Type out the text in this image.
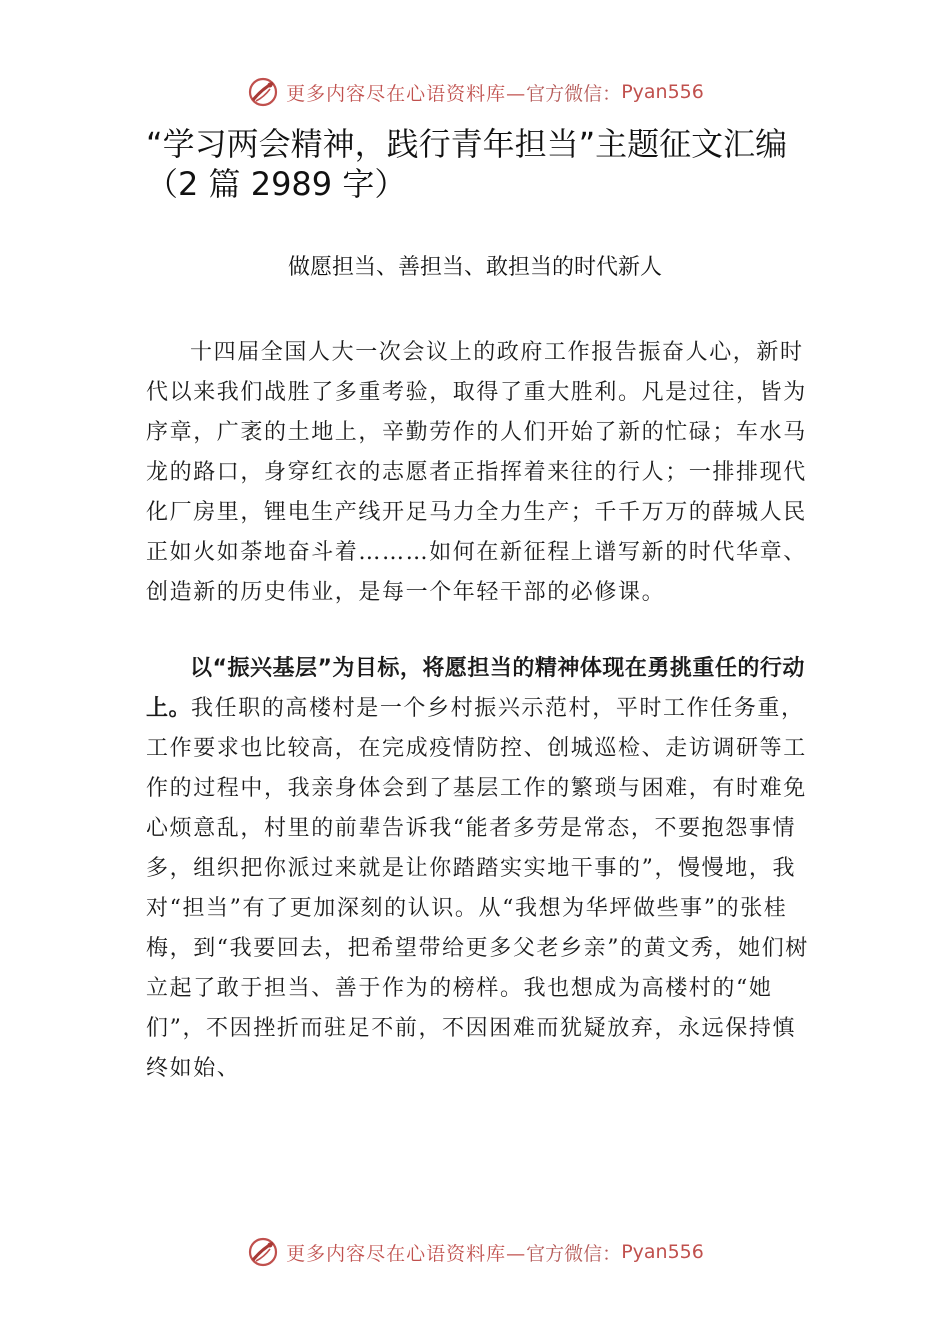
更多内容尽在心语资料库— 官方微信： Pyan556
“学习两会精神，践行青年担当”主题征文汇编（2 篇 2989 字）
做愿担当、善担当、敢担当的时代新人

十四届全国人大一次会议上的政府工作报告振奋人心，新时代以来我们战胜了多重考验，取得了重大胜利。凡是过往，皆为序章，广袤的土地上，辛勤劳作的人们开始了新的忙碌；车水马龙的路口，身穿红衣的志愿者正指挥着来往的行人；一排排现代化厂房里，锂电生产线开足马力全力生产；千千万万的薛城人民正如火如荼地奋斗着………如何在新征程上谱写新的时代华章、创造新的历史伟业，是每一个年轻干部的必修课。

以“振兴基层”为目标，将愿担当的精神体现在勇挑重任的行动上。我任职的高楼村是一个乡村振兴示范村，平时工作任务重，工作要求也比较高，在完成疫情防控、创城巡检、走访调研等工作的过程中，我亲身体会到了基层工作的繁琐与困难，有时难免心烦意乱，村里的前辈告诉我“能者多劳是常态，不要抱怨事情多，组织把你派过来就是让你踏踏实实地干事的”，慢慢地，我对“担当”有了更加深刻的认识。从“我想为华坪做些事”的张桂梅，到“我要回去，把希望带给更多父老乡亲”的黄文秀，她们树立起了敢于担当、善于作为的榜样。我也想成为高楼村的“她们”，不因挫折而驻足不前，不因困难而犹疑放弃，永远保持慎终如始、

更多内容尽在心语资料库— 官方微信： Pyan556
